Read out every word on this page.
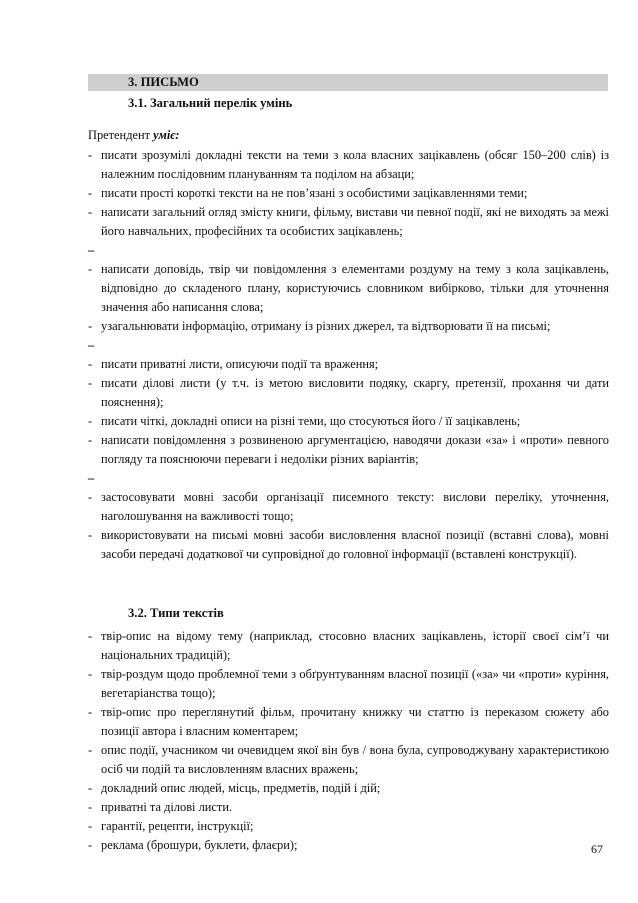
3. ПИСЬМО
3.1. Загальний перелік умінь
Претендент уміє:
- писати зрозумілі докладні тексти на теми з кола власних зацікавлень (обсяг 150–200 слів) із належним послідовним плануванням та поділом на абзаци;
- писати прості короткі тексти на не пов’язані з особистими зацікавленнями теми;
- написати загальний огляд змісту книги, фільму, вистави чи певної події, які не виходять за межі його навчальних, професійних та особистих зацікавлень;
–
- написати доповідь, твір чи повідомлення з елементами роздуму на тему з кола зацікавлень, відповідно до складеного плану, користуючись словником вибірково, тільки для уточнення значення або написання слова;
- узагальнювати інформацію, отриману із різних джерел, та відтворювати її на письмі;
–
- писати приватні листи, описуючи події та враження;
- писати ділові листи (у т.ч. із метою висловити подяку, скаргу, претензії, прохання чи дати пояснення);
- писати чіткі, докладні описи на різні теми, що стосуються його / її зацікавлень;
- написати повідомлення з розвиненою аргументацією, наводячи докази «за» і «проти» певного погляду та пояснюючи переваги і недоліки різних варіантів;
–
- застосовувати мовні засоби організації писемного тексту: вислови переліку, уточнення, наголошування на важливості тощо;
- використовувати на письмі мовні засоби висловлення власної позиції (вставні слова), мовні засоби передачі додаткової чи супровідної до головної інформації (вставлені конструкції).
3.2. Типи текстів
- твір-опис на відому тему (наприклад, стосовно власних зацікавлень, історії своєї сім’ї чи національних традицій);
- твір-роздум щодо проблемної теми з обґрунтуванням власної позиції («за» чи «проти» куріння, вегетаріанства тощо);
- твір-опис про переглянутий фільм, прочитану книжку чи статтю із переказом сюжету або позиції автора і власним коментарем;
- опис події, учасником чи очевидцем якої він був / вона була, супроводжувану характеристикою осіб чи подій та висловленням власних вражень;
- докладний опис людей, місць, предметів, подій і дій;
- приватні та ділові листи.
- гарантії, рецепти, інструкції;
- реклама (брошури, буклети, флаєри);	67
